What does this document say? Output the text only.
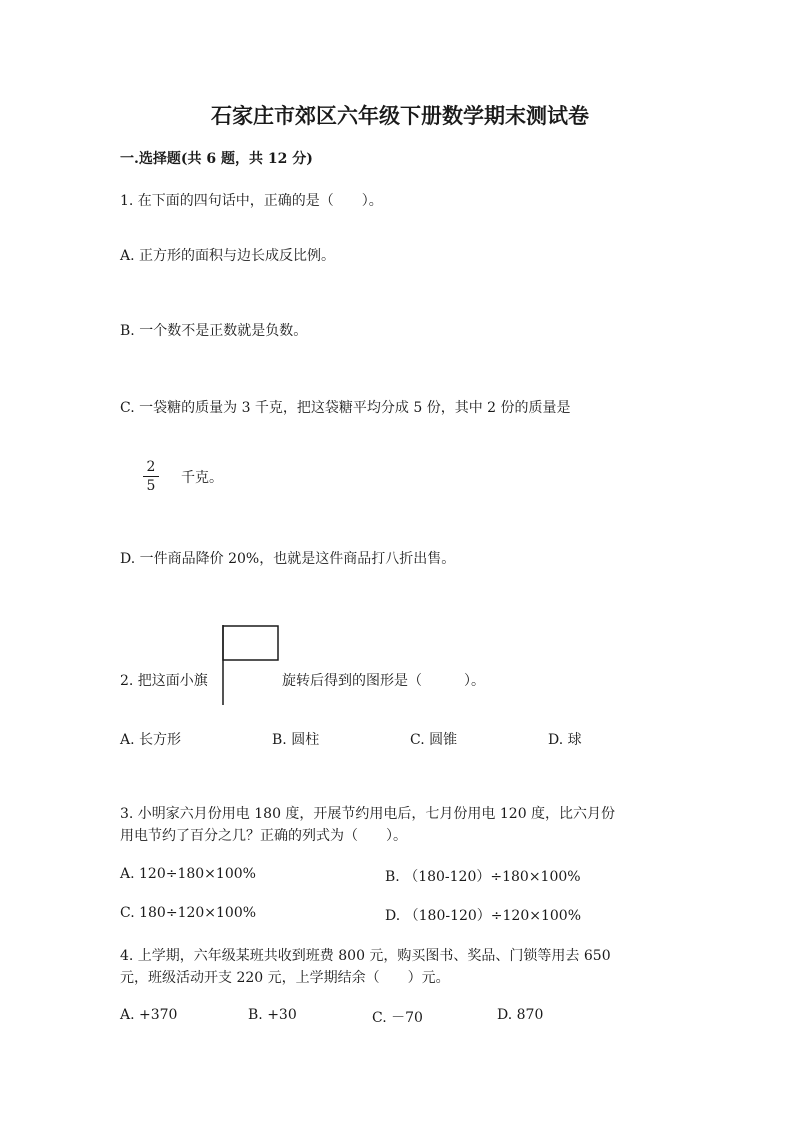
石家庄市郊区六年级下册数学期末测试卷
一.选择题(共 6 题，共 12 分)
1. 在下面的四句话中，正确的是（　　）。
A. 正方形的面积与边长成反比例。
B. 一个数不是正数就是负数。
C. 一袋糖的质量为 3 千克，把这袋糖平均分成 5 份，其中 2 份的质量是
2
5 千克。
D. 一件商品降价 20%，也就是这件商品打八折出售。
2. 把这面小旗	旋转后得到的图形是（　　　）。
A. 长方形	B. 圆柱	C. 圆锥	D. 球
3. 小明家六月份用电 180 度，开展节约用电后，七月份用电 120 度，比六月份
用电节约了百分之几？正确的列式为（　　）。
A. 120÷180×100%	B. （180-120）÷180×100%
C. 180÷120×100%	D. （180-120）÷120×100%
4. 上学期，六年级某班共收到班费 800 元，购买图书、奖品、门锁等用去 650
元，班级活动开支 220 元，上学期结余（　　）元。
A. +370	B. +30	C. －70	D. 870
